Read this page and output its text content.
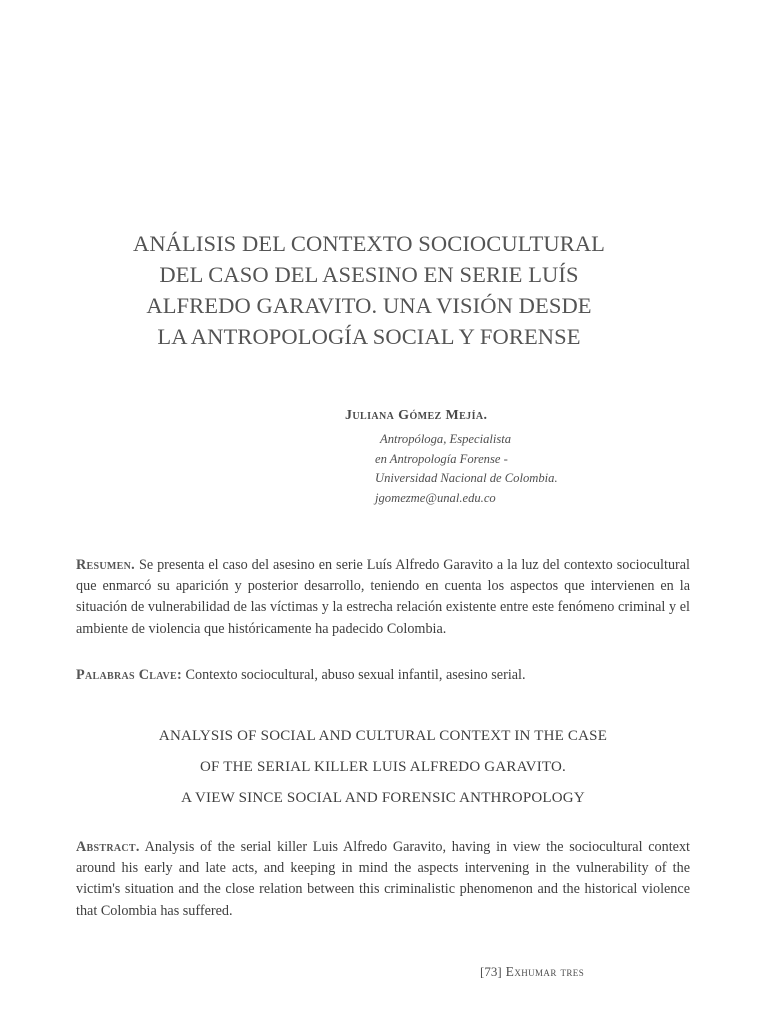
ANÁLISIS DEL CONTEXTO SOCIOCULTURAL
DEL CASO DEL ASESINO EN SERIE LUÍS
ALFREDO GARAVITO. UNA VISIÓN DESDE
LA ANTROPOLOGÍA SOCIAL Y FORENSE
Juliana Gómez Mejía.
Antropóloga, Especialista
en Antropología Forense -
Universidad Nacional de Colombia.
jgomezme@unal.edu.co
Resumen. Se presenta el caso del asesino en serie Luís Alfredo Garavito a la luz del contexto sociocultural que enmarcó su aparición y posterior desarrollo, teniendo en cuenta los aspectos que intervienen en la situación de vulnerabilidad de las víctimas y la estrecha relación existente entre este fenómeno criminal y el ambiente de violencia que históricamente ha padecido Colombia.
Palabras Clave: Contexto sociocultural, abuso sexual infantil, asesino serial.
ANALYSIS OF SOCIAL AND CULTURAL CONTEXT IN THE CASE
OF THE SERIAL KILLER LUIS ALFREDO GARAVITO.
A VIEW SINCE SOCIAL AND FORENSIC ANTHROPOLOGY
Abstract. Analysis of the serial killer Luis Alfredo Garavito, having in view the sociocultural context around his early and late acts, and keeping in mind the aspects intervening in the vulnerability of the victim's situation and the close relation between this criminalistic phenomenon and the historical violence that Colombia has suffered.
[73] Exhumar tres
